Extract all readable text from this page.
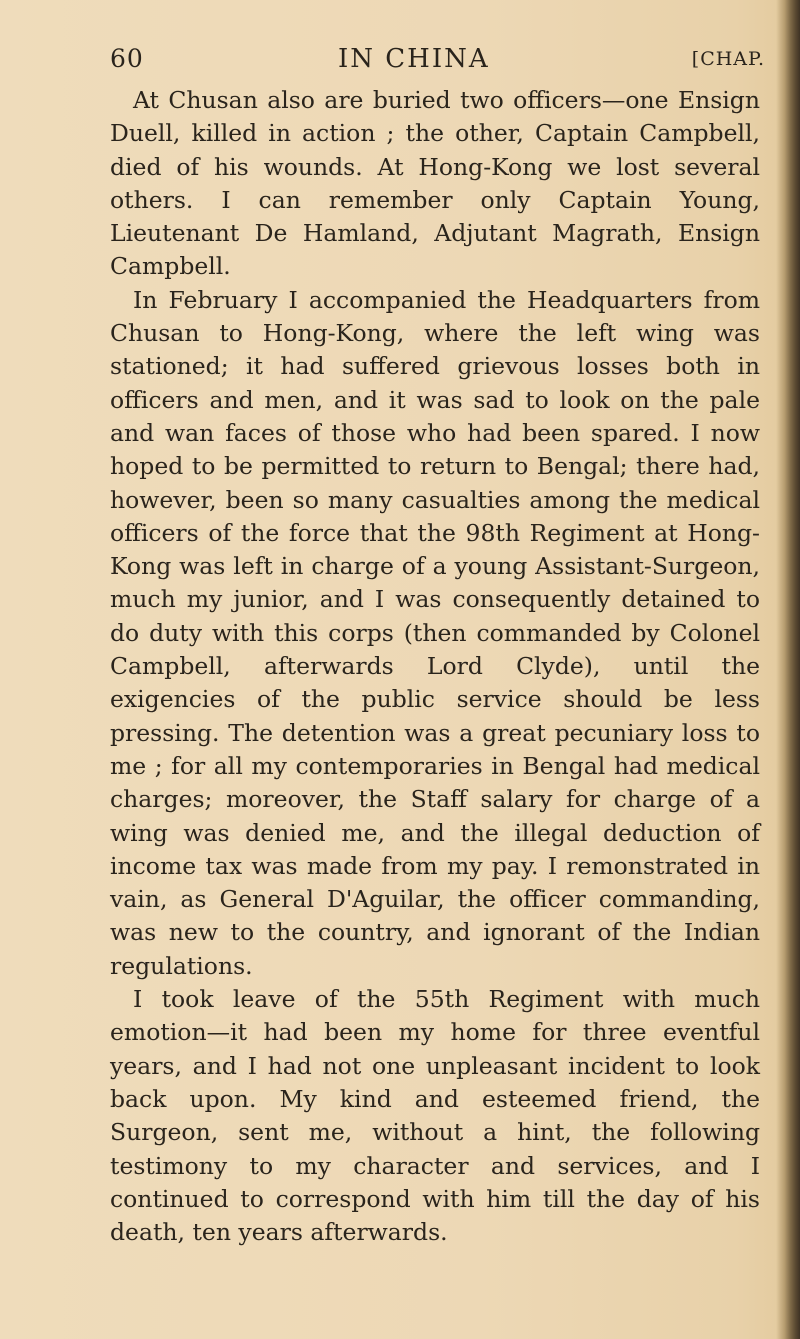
60	IN CHINA	[CHAP.

At Chusan also are buried two officers—one Ensign Duell, killed in action ; the other, Captain Campbell, died of his wounds. At Hong-Kong we lost several others. I can remember only Captain Young, Lieutenant De Hamland, Adjutant Magrath, Ensign Campbell.

In February I accompanied the Headquarters from Chusan to Hong-Kong, where the left wing was stationed; it had suffered grievous losses both in officers and men, and it was sad to look on the pale and wan faces of those who had been spared. I now hoped to be permitted to return to Bengal; there had, however, been so many casualties among the medical officers of the force that the 98th Regiment at Hong-Kong was left in charge of a young Assistant-Surgeon, much my junior, and I was consequently detained to do duty with this corps (then commanded by Colonel Campbell, afterwards Lord Clyde), until the exigencies of the public service should be less pressing. The detention was a great pecuniary loss to me ; for all my contemporaries in Bengal had medical charges; moreover, the Staff salary for charge of a wing was denied me, and the illegal deduction of income tax was made from my pay. I remonstrated in vain, as General D'Aguilar, the officer commanding, was new to the country, and ignorant of the Indian regulations.

I took leave of the 55th Regiment with much emotion—it had been my home for three eventful years, and I had not one unpleasant incident to look back upon. My kind and esteemed friend, the Surgeon, sent me, without a hint, the following testimony to my character and services, and I continued to correspond with him till the day of his death, ten years afterwards.
